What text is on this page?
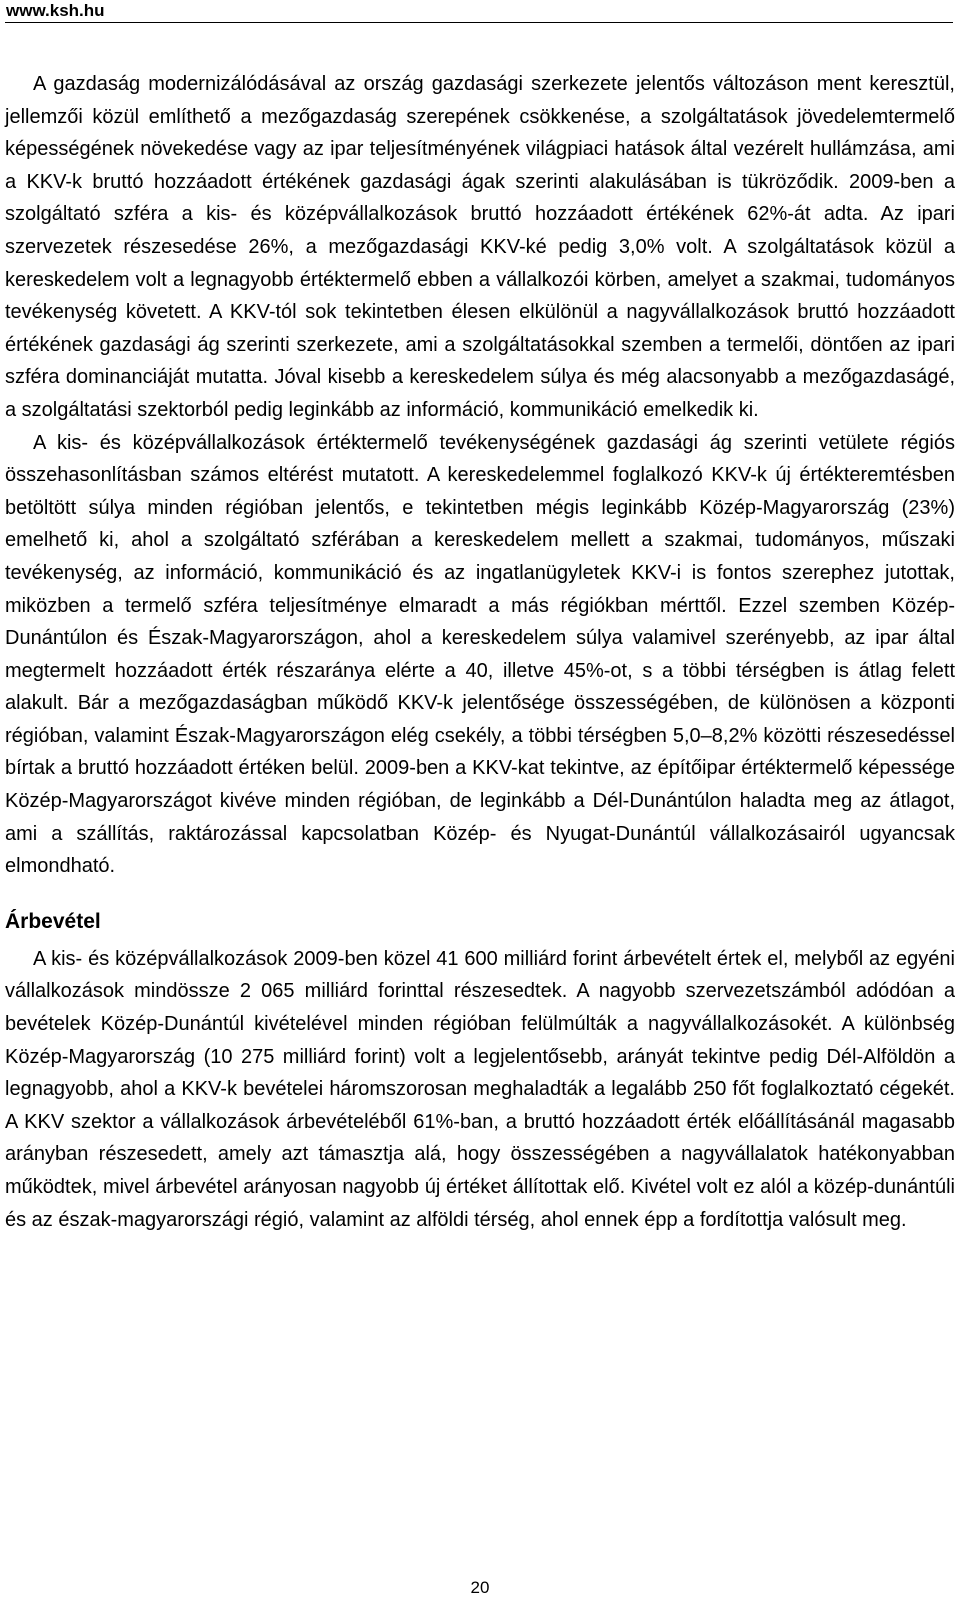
www.ksh.hu

A gazdaság modernizálódásával az ország gazdasági szerkezete jelentős változáson ment keresztül, jellemzői közül említhető a mezőgazdaság szerepének csökkenése, a szolgáltatások jövedelemtermelő képességének növekedése vagy az ipar teljesítményének világpiaci hatások által vezérelt hullámzása, ami a KKV-k bruttó hozzáadott értékének gazdasági ágak szerinti alakulásában is tükröződik. 2009-ben a szolgáltató szféra a kis- és középvállalkozások bruttó hozzáadott értékének 62%-át adta. Az ipari szervezetek részesedése 26%, a mezőgazdasági KKV-ké pedig 3,0% volt. A szolgáltatások közül a kereskedelem volt a legnagyobb értéktermelő ebben a vállalkozói körben, amelyet a szakmai, tudományos tevékenység követett. A KKV-tól sok tekintetben élesen elkülönül a nagyvállalkozások bruttó hozzáadott értékének gazdasági ág szerinti szerkezete, ami a szolgáltatásokkal szemben a termelői, döntően az ipari szféra dominanciáját mutatta. Jóval kisebb a kereskedelem súlya és még alacsonyabb a mezőgazdaságé, a szolgáltatási szektorból pedig leginkább az információ, kommunikáció emelkedik ki.

A kis- és középvállalkozások értéktermelő tevékenységének gazdasági ág szerinti vetülete régiós összehasonlításban számos eltérést mutatott. A kereskedelemmel foglalkozó KKV-k új értékteremtésben betöltött súlya minden régióban jelentős, e tekintetben mégis leginkább Közép-Magyarország (23%) emelhető ki, ahol a szolgáltató szférában a kereskedelem mellett a szakmai, tudományos, műszaki tevékenység, az információ, kommunikáció és az ingatlanügyletek KKV-i is fontos szerephez jutottak, miközben a termelő szféra teljesítménye elmaradt a más régiókban mérttől. Ezzel szemben Közép-Dunántúlon és Észak-Magyarországon, ahol a kereskedelem súlya valamivel szerényebb, az ipar által megtermelt hozzáadott érték részaránya elérte a 40, illetve 45%-ot, s a többi térségben is átlag felett alakult. Bár a mezőgazdaságban működő KKV-k jelentősége összességében, de különösen a központi régióban, valamint Észak-Magyarországon elég csekély, a többi térségben 5,0–8,2% közötti részesedéssel bírtak a bruttó hozzáadott értéken belül. 2009-ben a KKV-kat tekintve, az építőipar értéktermelő képessége Közép-Magyarországot kivéve minden régióban, de leginkább a Dél-Dunántúlon haladta meg az átlagot, ami a szállítás, raktározással kapcsolatban Közép- és Nyugat-Dunántúl vállalkozásairól ugyancsak elmondható.

Árbevétel

A kis- és középvállalkozások 2009-ben közel 41 600 milliárd forint árbevételt értek el, melyből az egyéni vállalkozások mindössze 2 065 milliárd forinttal részesedtek. A nagyobb szervezetszámból adódóan a bevételek Közép-Dunántúl kivételével minden régióban felülmúlták a nagyvállalkozásokét. A különbség Közép-Magyarország (10 275 milliárd forint) volt a legjelentősebb, arányát tekintve pedig Dél-Alföldön a legnagyobb, ahol a KKV-k bevételei háromszorosan meghaladták a legalább 250 főt foglalkoztató cégekét. A KKV szektor a vállalkozások árbevételéből 61%-ban, a bruttó hozzáadott érték előállításánál magasabb arányban részesedett, amely azt támasztja alá, hogy összességében a nagyvállalatok hatékonyabban működtek, mivel árbevétel arányosan nagyobb új értéket állítottak elő. Kivétel volt ez alól a közép-dunántúli és az észak-magyarországi régió, valamint az alföldi térség, ahol ennek épp a fordítottja valósult meg.

20
